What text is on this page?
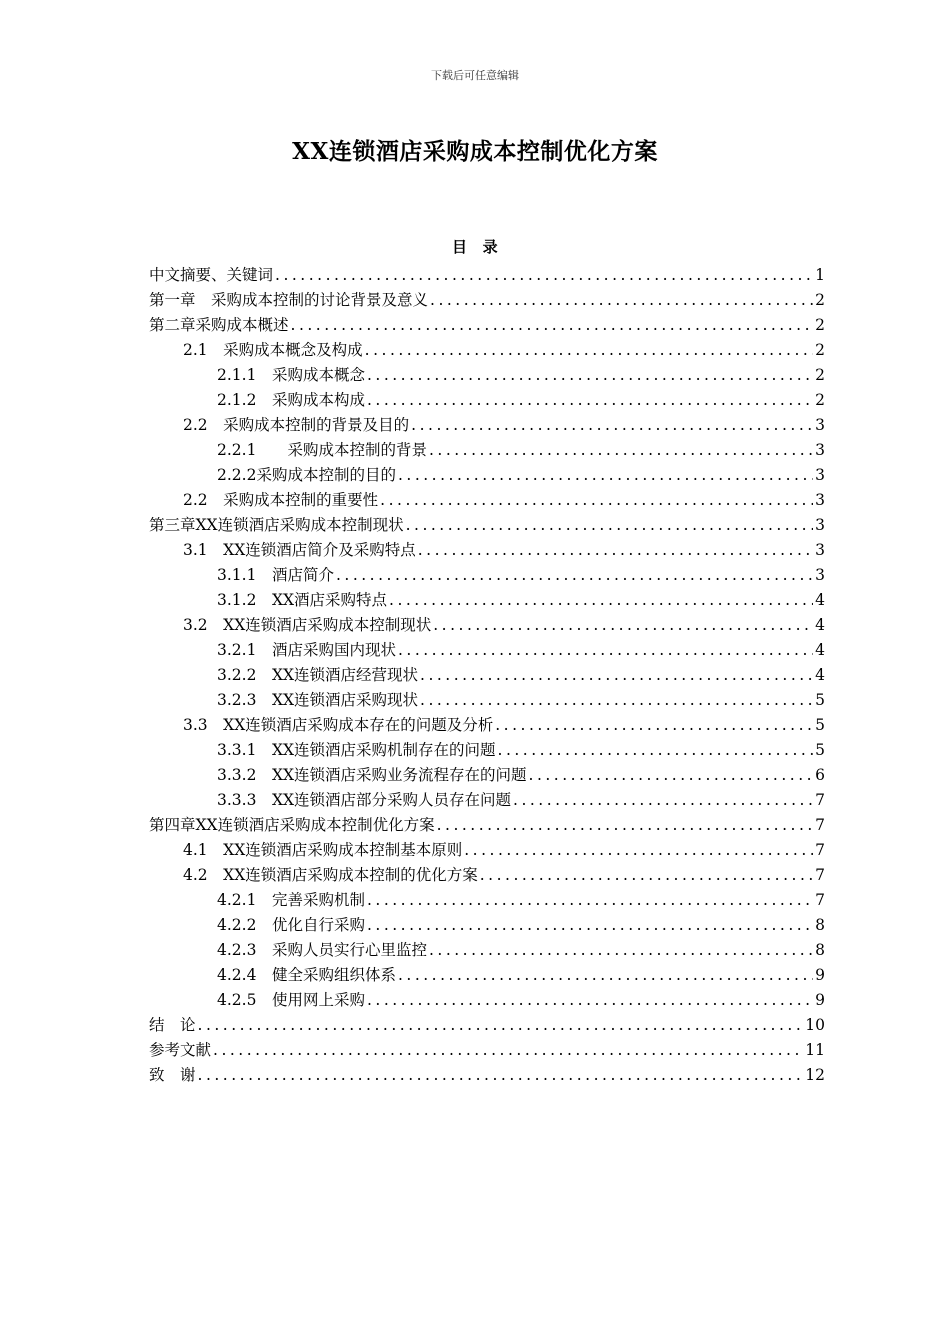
下载后可任意编辑
XX连锁酒店采购成本控制优化方案
目　录
中文摘要、关键词 .....	1
第一章　 采购成本控制的讨论背景及意义 .....	2
第二章 采购成本概述 .....	2
2.1　 采购成本概念及构成 .....	2
2.1.1　 采购成本概念 .....	2
2.1.2　 采购成本构成 .....	2
2.2　 采购成本控制的背景及目的 .....	3
2.2.1　　 采购成本控制的背景 .....	3
2.2.2 采购成本控制的目的 .....	3
2.2　 采购成本控制的重要性 .....	3
第三章 XX连锁酒店采购成本控制现状 .....	3
3.1　 XX连锁酒店简介及采购特点 .....	3
3.1.1　 酒店简介 .....	3
3.1.2　 XX酒店采购特点 .....	4
3.2　 XX连锁酒店采购成本控制现状 .....	4
3.2.1　 酒店采购国内现状 .....	4
3.2.2　 XX连锁酒店经营现状 .....	4
3.2.3　 XX连锁酒店采购现状 .....	5
3.3　 XX连锁酒店采购成本存在的问题及分析 .....	5
3.3.1　 XX连锁酒店采购机制存在的问题 .....	5
3.3.2　 XX连锁酒店采购业务流程存在的问题 .....	6
3.3.3　 XX连锁酒店部分采购人员存在问题 .....	7
第四章 XX连锁酒店采购成本控制优化方案 .....	7
4.1　 XX连锁酒店采购成本控制基本原则 .....	7
4.2　 XX连锁酒店采购成本控制的优化方案 .....	7
4.2.1　 完善采购机制 .....	7
4.2.2　 优化自行采购 .....	8
4.2.3　 采购人员实行心里监控 .....	8
4.2.4　 健全采购组织体系 .....	9
4.2.5　 使用网上采购 .....	9
结　论 .....	10
参考文献 .....	11
致　谢 .....	12
